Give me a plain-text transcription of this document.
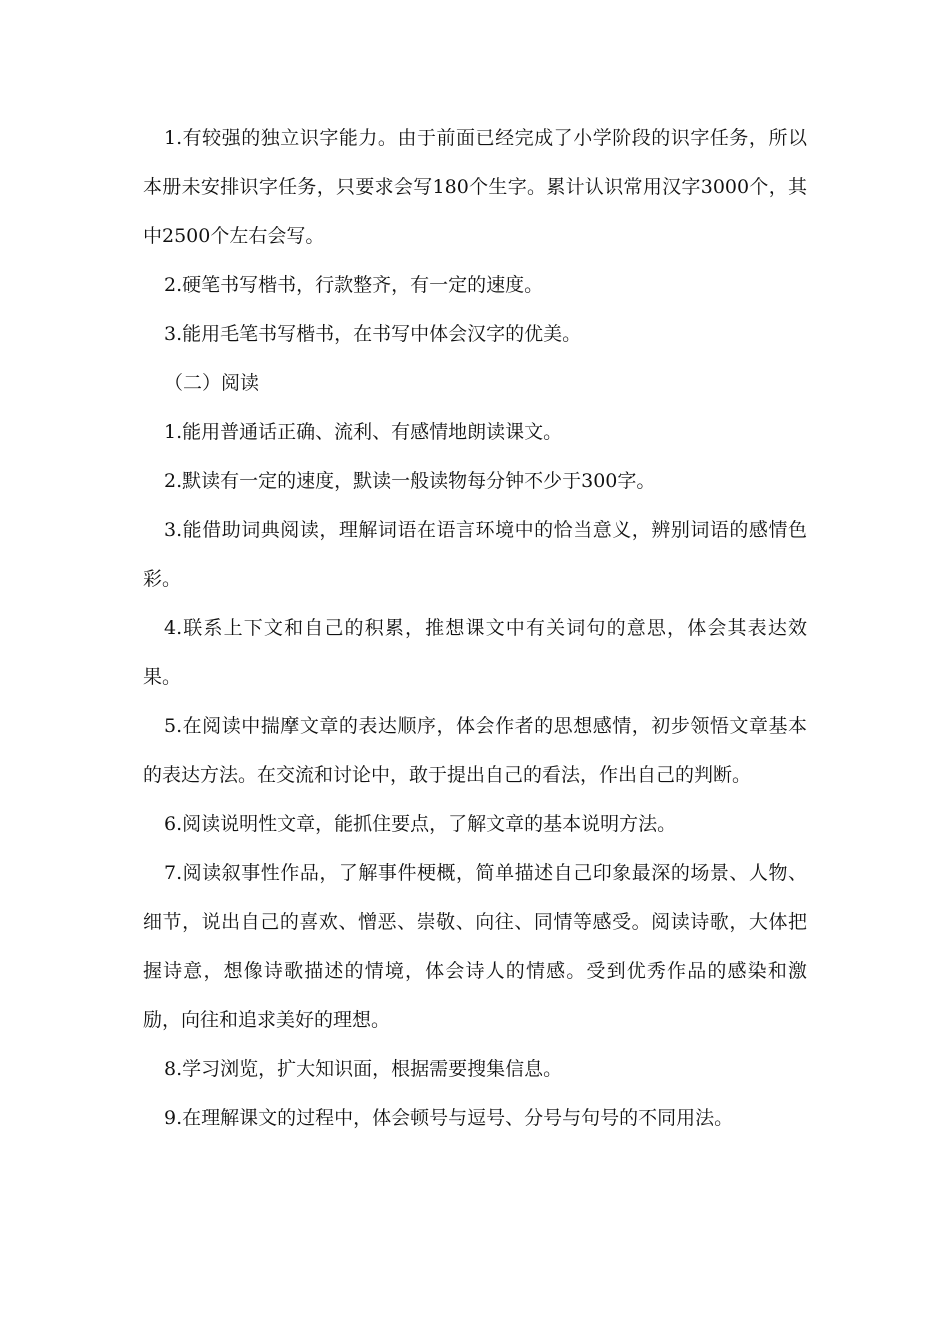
1.有较强的独立识字能力。由于前面已经完成了小学阶段的识字任务，所以本册未安排识字任务，只要求会写180个生字。累计认识常用汉字3000个，其中2500个左右会写。

2.硬笔书写楷书，行款整齐，有一定的速度。

3.能用毛笔书写楷书，在书写中体会汉字的优美。

（二）阅读

1.能用普通话正确、流利、有感情地朗读课文。

2.默读有一定的速度，默读一般读物每分钟不少于300字。

3.能借助词典阅读，理解词语在语言环境中的恰当意义，辨别词语的感情色彩。

4.联系上下文和自己的积累，推想课文中有关词句的意思，体会其表达效果。

5.在阅读中揣摩文章的表达顺序，体会作者的思想感情，初步领悟文章基本的表达方法。在交流和讨论中，敢于提出自己的看法，作出自己的判断。

6.阅读说明性文章，能抓住要点，了解文章的基本说明方法。

7.阅读叙事性作品，了解事件梗概，简单描述自己印象最深的场景、人物、细节，说出自己的喜欢、憎恶、崇敬、向往、同情等感受。阅读诗歌，大体把握诗意，想像诗歌描述的情境，体会诗人的情感。受到优秀作品的感染和激励，向往和追求美好的理想。

8.学习浏览，扩大知识面，根据需要搜集信息。

9.在理解课文的过程中，体会顿号与逗号、分号与句号的不同用法。
